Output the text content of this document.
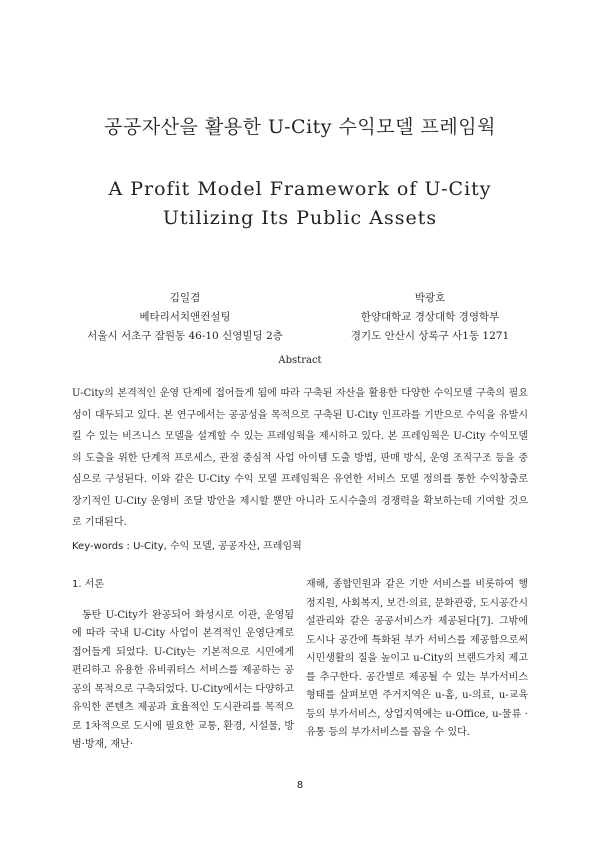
공공자산을 활용한 U-City 수익모델 프레임웍
A Profit Model Framework of U-City
Utilizing Its Public Assets
김일겸
베타리서치앤컨설팅
서울시 서초구 잠원동 46-10 신영빌딩 2층
박광호
한양대학교 경상대학 경영학부
경기도 안산시 상록구 사1동 1271
Abstract
U-City의 본격적인 운영 단계에 접어들게 됨에 따라 구축된 자산을 활용한 다양한 수익모델 구축의 필요성이 대두되고 있다. 본 연구에서는 공공성을 목적으로 구축된 U-City 인프라를 기반으로 수익을 유발시킬 수 있는 비즈니스 모델을 설계할 수 있는 프레임웍을 제시하고 있다. 본 프레임웍은 U-City 수익모델의 도출을 위한 단계적 프로세스, 관점 중심적 사업 아이템 도출 방법, 판매 방식, 운영 조직구조 등을 중심으로 구성된다. 이와 같은 U-City 수익 모델 프레임웍은 유연한 서비스 모델 정의를 통한 수익창출로 장기적인 U-City 운영비 조달 방안을 제시할 뿐만 아니라 도시수출의 경쟁력을 확보하는데 기여할 것으로 기대된다.
Key-words : U-City, 수익 모델, 공공자산, 프레임웍
1. 서론

동탄 U-City가 완공되어 화성시로 이관, 운영됨에 따라 국내 U-City 사업이 본격적인 운영단계로 접어들게 되었다. U-City는 기본적으로 시민에게 편리하고 유용한 유비쿼터스 서비스를 제공하는 공공의 목적으로 구축되었다. U-City에서는 다양하고 유익한 콘텐츠 제공과 효율적인 도시관리를 목적으로 1차적으로 도시에 필요한 교통, 환경, 시설물, 방범·방재, 재난·

재해, 종합민원과 같은 기반 서비스를 비롯하여 행정지원, 사회복지, 보건·의료, 문화관광, 도시공간시설관리와 같은 공공서비스가 제공된다[7]. 그밖에 도시나 공간에 특화된 부가 서비스를 제공함으로써 시민생활의 질을 높이고 u-City의 브랜드가치 제고를 추구한다. 공간별로 제공될 수 있는 부가서비스 형태를 살펴보면 주거지역은 u-홈, u-의료, u-교육 등의 부가서비스, 상업지역에는 u-Office, u-물류 ·유통 등의 부가서비스를 꼽을 수 있다.

8
